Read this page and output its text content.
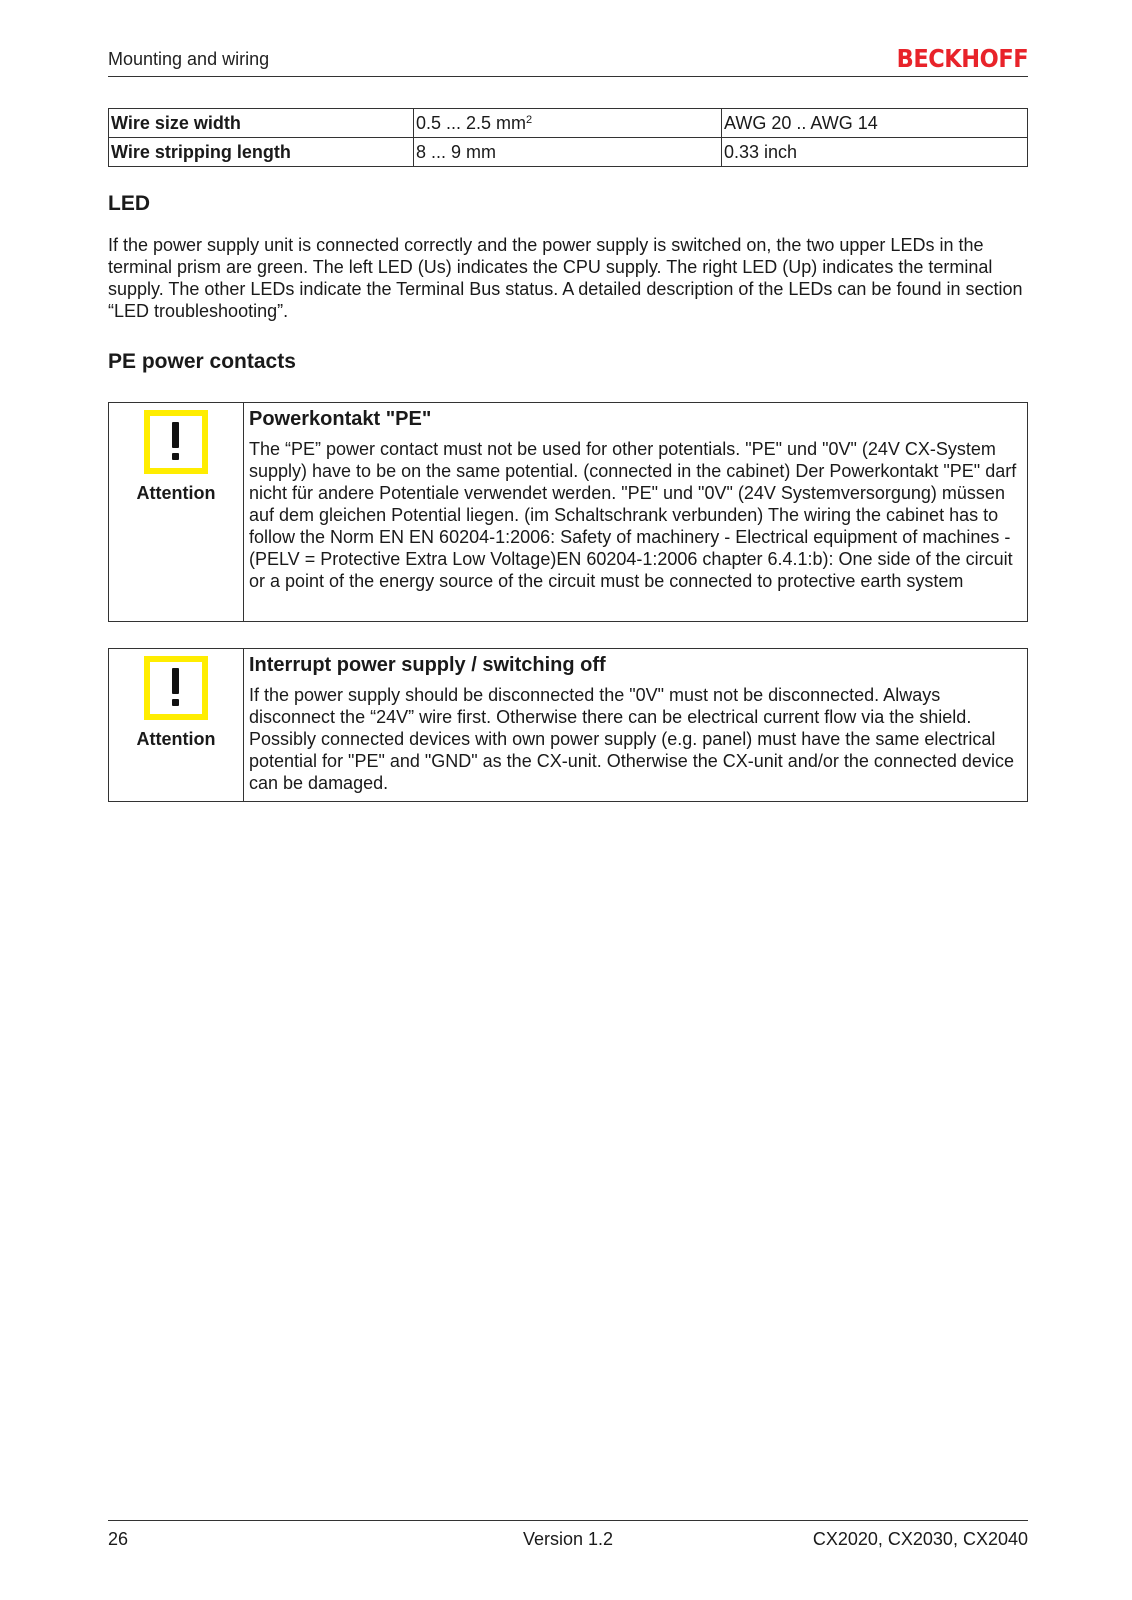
Mounting and wiring	BECKHOFF
Wire size width	0.5 ... 2.5 $mm^2$	AWG 20 .. AWG 14
Wire stripping length	8 ... 9 mm	0.33 inch
LED

If the power supply unit is connected correctly and the power supply is switched on, the two upper LEDs in the terminal prism are green. The left LED (Us) indicates the CPU supply. The right LED (Up) indicates the terminal supply. The other LEDs indicate the Terminal Bus status. A detailed description of the LEDs can be found in section “LED troubleshooting”.

PE power contacts
Attention

Powerkontakt "PE"

The “PE” power contact must not be used for other potentials. "PE" und "0V" (24V CX-System supply) have to be on the same potential. (connected in the cabinet) Der Powerkontakt "PE" darf nicht für andere Potentiale verwendet werden. "PE" und "0V" (24V Systemversorgung) müssen auf dem gleichen Potential liegen. (im Schaltschrank verbunden) The wiring the cabinet has to follow the Norm EN EN 60204-1:2006: Safety of machinery - Electrical equipment of machines - (PELV = Protective Extra Low Voltage)EN 60204-1:2006 chapter 6.4.1:b): One side of the circuit or a point of the energy source of the circuit must be connected to protective earth system

Attention

Interrupt power supply / switching off

If the power supply should be disconnected the "0V" must not be disconnected. Always disconnect the “24V” wire first. Otherwise there can be electrical current flow via the shield. Possibly connected devices with own power supply (e.g. panel) must have the same electrical potential for "PE" and "GND" as the CX-unit. Otherwise the CX-unit and/or the connected device can be damaged.

26	Version 1.2	CX2020, CX2030, CX2040
